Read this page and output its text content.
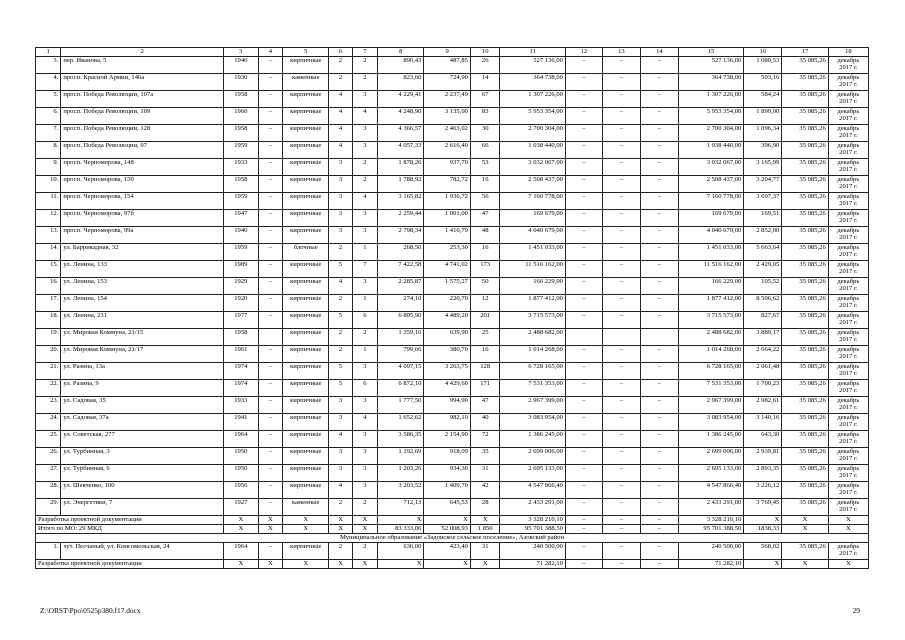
1	2	3	4	5	6	7	8	9	10	11	12	13	14	15	16	17	18
3.	пер. Иванова, 5	1946	–	кирпичные	2	2	890,43	487,85	26	527 136,00	–	–	–	527 136,00	1 080,53	35 085,26	декабрь 2017 г.
4.	просп. Красной Армии, 146а	1930	–	каменные	2	2	823,60	724,90	14	364 738,00	–	–	–	364 738,00	503,16	35 085,26	декабрь 2017 г.
5.	просп. Победа Революции, 107а	1958	–	кирпичные	4	3	4 229,41	2 237,49	67	1 307 226,00	–	–	–	1 307 226,00	584,24	35 085,26	декабрь 2017 г.
6.	просп. Победа Революции, 109	1960	–	кирпичные	4	4	4 248,90	3 135,00	83	5 953 354,00	–	–	–	5 953 354,00	1 899,00	35 085,26	декабрь 2017 г.
7.	просп. Победа Революции, 128	1958	–	кирпичные	4	3	4 366,57	2 463,02	30	2 700 304,00	–	–	–	2 700 304,00	1 096,34	35 085,26	декабрь 2017 г.
8.	просп. Победа Революции, 97	1959	–	кирпичные	4	3	4 057,33	2 616,40	66	1 038 440,00	–	–	–	1 038 440,00	396,90	35 085,26	декабрь 2017 г.
9.	просп. Черноморова, 148	1933	–	кирпичные	3	2	1 878,26	937,70	53	3 032 067,00	–	–	–	3 032 067,00	3 165,99	35 085,26	декабрь 2017 г.
10.	просп. Черноморова, 150	1958	–	кирпичные	3	2	1 788,92	782,72	16	2 508 437,00	–	–	–	2 508 437,00	3 204,77	35 085,26	декабрь 2017 г.
11.	просп. Черноморова, 154	1959	–	кирпичные	3	4	3 165,82	1 936,72	56	7 160 778,00	–	–	–	7 160 778,00	3 697,37	35 085,26	декабрь 2017 г.
12.	просп. Черноморова, 97б	1947	–	кирпичные	3	3	2 259,44	1 001,00	47	169 679,00	–	–	–	169 679,00	169,51	35 085,26	декабрь 2017 г.
13.	просп. Черноморова, 99а	1940	–	кирпичные	3	3	2 798,34	1 416,79	48	4 040 679,00	–	–	–	4 040 679,00	2 852,00	35 085,26	декабрь 2017 г.
14.	ул. Баррикадная, 32	1959	–	блочные	2	1	268,50	253,30	16	1 451 033,00	–	–	–	1 451 033,00	5 663,64	35 085,26	декабрь 2017 г.
15.	ул. Ленина, 133	1989	–	кирпичные	5	7	7 422,58	4 741,02	173	11 516 162,00	–	–	–	11 516 162,00	2 429,05	35 085,26	декабрь 2017 г.
16.	ул. Ленина, 153	1929	–	кирпичные	4	3	2 285,87	1 575,27	50	166 229,00	–	–	–	166 229,00	105,52	35 085,26	декабрь 2017 г.
17.	ул. Ленина, 154	1920	–	кирпичные	2	1	274,10	220,70	12	1 877 412,00	–	–	–	1 877 412,00	8 506,62	35 085,26	декабрь 2017 г.
18.	ул. Ленина, 231	1977	–	кирпичные	5	6	6 805,90	4 489,20	201	3 715 573,00	–	–	–	3 715 573,00	827,67	35 085,26	декабрь 2017 г.
19.	ул. Мировая Коммуна, 21/15	1958		кирпичные	2	2	1 359,10	639,90	25	2 488 682,00				2 488 682,00	3 889,17	35 085,26	декабрь 2017 г.
20.	ул. Мировая Коммуна, 21/17	1961	–	кирпичные	2	1	799,66	380,70	16	1 014 268,00	–	–	–	1 014 268,00	2 664,22	35 085,26	декабрь 2017 г.
21.	ул. Разина, 13а	1974	–	кирпичные	5	3	4 097,15	3 263,75	128	6 728 165,00	–	–	–	6 728 165,00	2 061,48	35 085,26	декабрь 2017 г.
22.	ул. Разина, 9	1974	–	кирпичные	5	6	6 872,10	4 429,60	171	7 531 353,00	–	–	–	7 531 353,00	1 700,23	35 085,26	декабрь 2017 г.
23.	ул. Садовая, 35	1933	–	кирпичные	3	3	1 777,50	994,90	47	2 967 399,00	–	–	–	2 967 399,00	2 982,61	35 085,26	декабрь 2017 г.
24.	ул. Садовая, 37а	1941	–	кирпичные	3	4	1 652,62	982,10	40	3 083 954,00	–	–	–	3 083 954,00	3 140,16	35 085,26	декабрь 2017 г.
25.	ул. Советская, 277	1964	–	кирпичные	4	3	3 586,35	2 154,90	72	1 386 245,00	–	–	–	1 386 245,00	643,30	35 085,26	декабрь 2017 г.
26.	ул. Турбинная, 3	1950	–	кирпичные	3	3	1 192,69	918,09	35	2 699 006,00	–	–	–	2 699 006,00	2 939,81	35 085,26	декабрь 2017 г.
27.	ул. Турбинная, 6	1950	–	кирпичные	3	3	1 203,26	934,30	31	2 695 133,00	–	–	–	2 695 133,00	2 893,35	35 085,26	декабрь 2017 г.
28.	ул. Шевченко, 100	1956	–	кирпичные	4	3	3 203,52	1 409,70	42	4 547 866,40	–	–	–	4 547 866,40	3 226,12	35 085,26	декабрь 2017 г.
29.	ул. Энергетики, 7	1927	–	каменные	2	2	712,13	645,53	28	2 433 291,00	–	–	–	2 433 291,00	3 769,45	35 085,26	декабрь 2017 г.
Разработка проектной документации		Х	Х	Х	Х	Х	Х	Х	Х	3 328 210,10	–	–	–	3 328 210,10	Х	Х	Х
Итого по МО: 29 МКД		Х	Х	Х	Х	Х	83 333,06	52 008,93	1 850	95 701 388,50	–	–	–	95 701 388,50	1838,33	Х	Х
Муниципальное образование «Задонское сельское поселение», Азовский район																	
1.	хут. Песчаный, ул. Комсомольская, 24	1964	–	кирпичные	2	2	636,00	423,40	31	240 500,00	–	–	–	240 500,00	568,02	35 085,26	декабрь 2017 г.
Разработка проектной документации		Х	Х	Х	Х	Х	Х	Х	Х	71 282,10	–	–	–	71 282,10	Х	Х	Х
Z:\ORST\Ppo\0525p380.f17.docx	29
